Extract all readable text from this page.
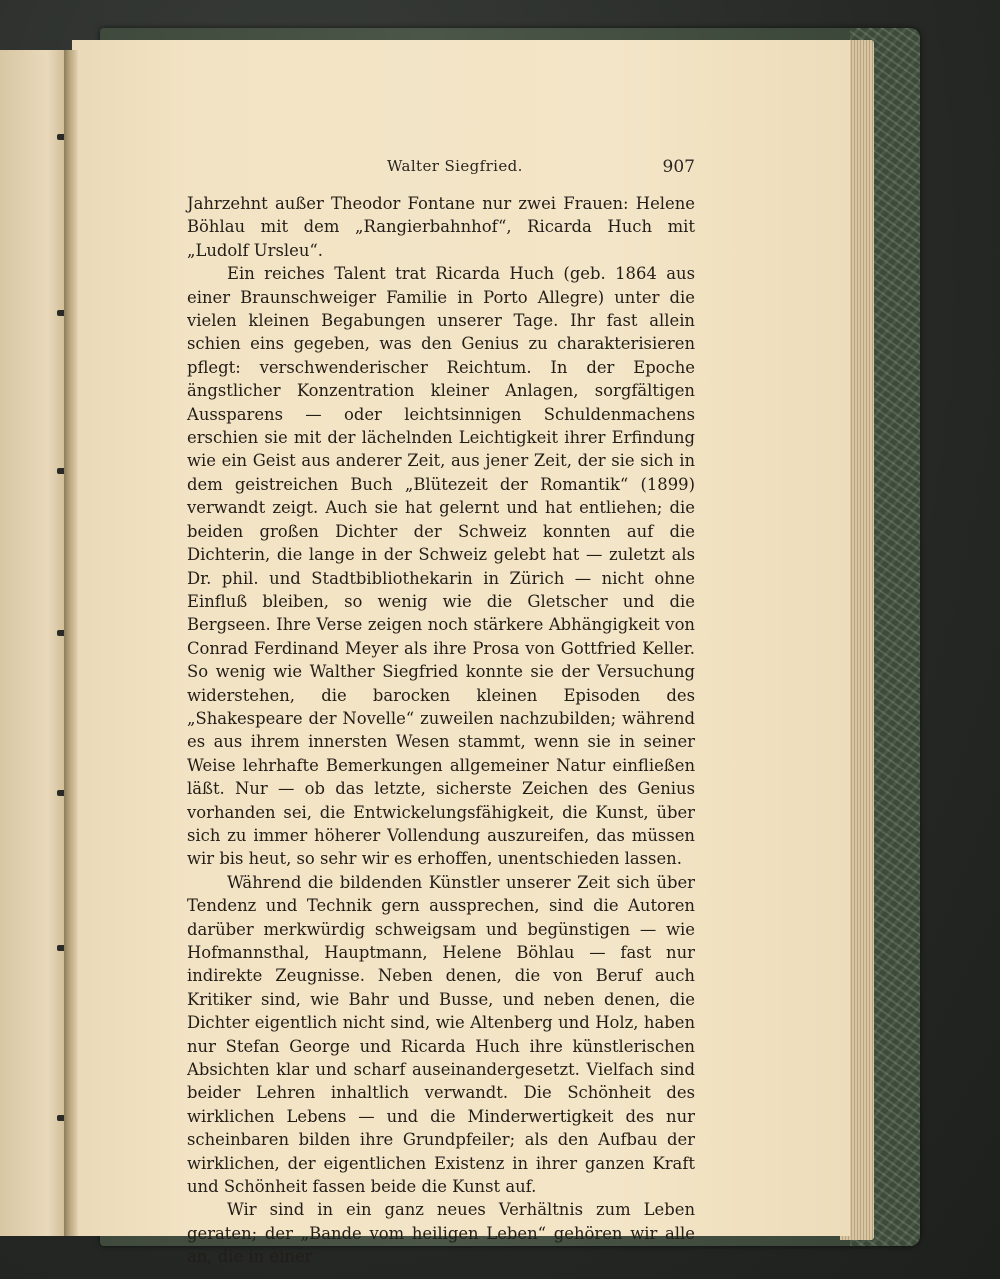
Walter Siegfried.	907

Jahrzehnt außer Theodor Fontane nur zwei Frauen: Helene Böhlau mit dem „Rangierbahnhof“, Ricarda Huch mit „Ludolf Ursleu“.

Ein reiches Talent trat Ricarda Huch (geb. 1864 aus einer Braunschweiger Familie in Porto Allegre) unter die vielen kleinen Begabungen unserer Tage. Ihr fast allein schien eins gegeben, was den Genius zu charakterisieren pflegt: verschwenderischer Reichtum. In der Epoche ängstlicher Konzentration kleiner Anlagen, sorgfältigen Aussparens — oder leichtsinnigen Schuldenmachens erschien sie mit der lächelnden Leichtigkeit ihrer Erfindung wie ein Geist aus anderer Zeit, aus jener Zeit, der sie sich in dem geistreichen Buch „Blütezeit der Romantik“ (1899) verwandt zeigt. Auch sie hat gelernt und hat entliehen; die beiden großen Dichter der Schweiz konnten auf die Dichterin, die lange in der Schweiz gelebt hat — zuletzt als Dr. phil. und Stadtbibliothekarin in Zürich — nicht ohne Einfluß bleiben, so wenig wie die Gletscher und die Bergseen. Ihre Verse zeigen noch stärkere Abhängigkeit von Conrad Ferdinand Meyer als ihre Prosa von Gottfried Keller. So wenig wie Walther Siegfried konnte sie der Versuchung widerstehen, die barocken kleinen Episoden des „Shakespeare der Novelle“ zuweilen nachzubilden; während es aus ihrem innersten Wesen stammt, wenn sie in seiner Weise lehrhafte Bemerkungen allgemeiner Natur einfließen läßt. Nur — ob das letzte, sicherste Zeichen des Genius vorhanden sei, die Entwickelungsfähigkeit, die Kunst, über sich zu immer höherer Vollendung auszureifen, das müssen wir bis heut, so sehr wir es erhoffen, unentschieden lassen.

Während die bildenden Künstler unserer Zeit sich über Tendenz und Technik gern aussprechen, sind die Autoren darüber merkwürdig schweigsam und begünstigen — wie Hofmannsthal, Hauptmann, Helene Böhlau — fast nur indirekte Zeugnisse. Neben denen, die von Beruf auch Kritiker sind, wie Bahr und Busse, und neben denen, die Dichter eigentlich nicht sind, wie Altenberg und Holz, haben nur Stefan George und Ricarda Huch ihre künstlerischen Absichten klar und scharf auseinandergesetzt. Vielfach sind beider Lehren inhaltlich verwandt. Die Schönheit des wirklichen Lebens — und die Minderwertigkeit des nur scheinbaren bilden ihre Grundpfeiler; als den Aufbau der wirklichen, der eigentlichen Existenz in ihrer ganzen Kraft und Schönheit fassen beide die Kunst auf.

Wir sind in ein ganz neues Verhältnis zum Leben geraten; der „Bande vom heiligen Leben“ gehören wir alle an, die in einer
